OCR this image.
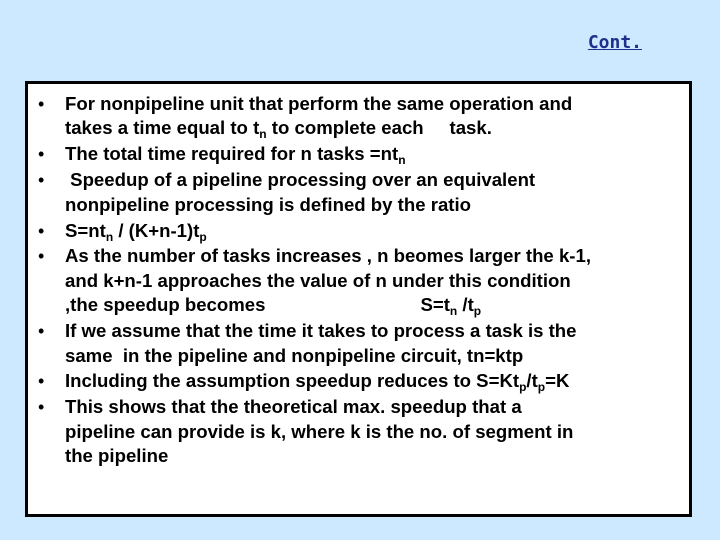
Cont.
• For nonpipeline unit that perform the same operation and
takes a time equal to $t_n$ to complete each task.
• The total time required for n tasks $=nt_n$
• Speedup of a pipeline processing over an equivalent
nonpipeline processing is defined by the ratio
• $S=nt_n / (K+n-1)t_p$
• As the number of tasks increases , n beomes larger the k-1,
and k+n-1 approaches the value of n under this condition
,the speedup becomes	$S=t_n$ $/t_p$
• If we assume that the time it takes to process a task is the
same  in the pipeline and nonpipeline circuit, tn=ktp
• Including the assumption speedup reduces to $S=Kt_p/t_p=K$
• This shows that the theoretical max. speedup that a
pipeline can provide is k, where k is the no. of segment in
the pipeline
